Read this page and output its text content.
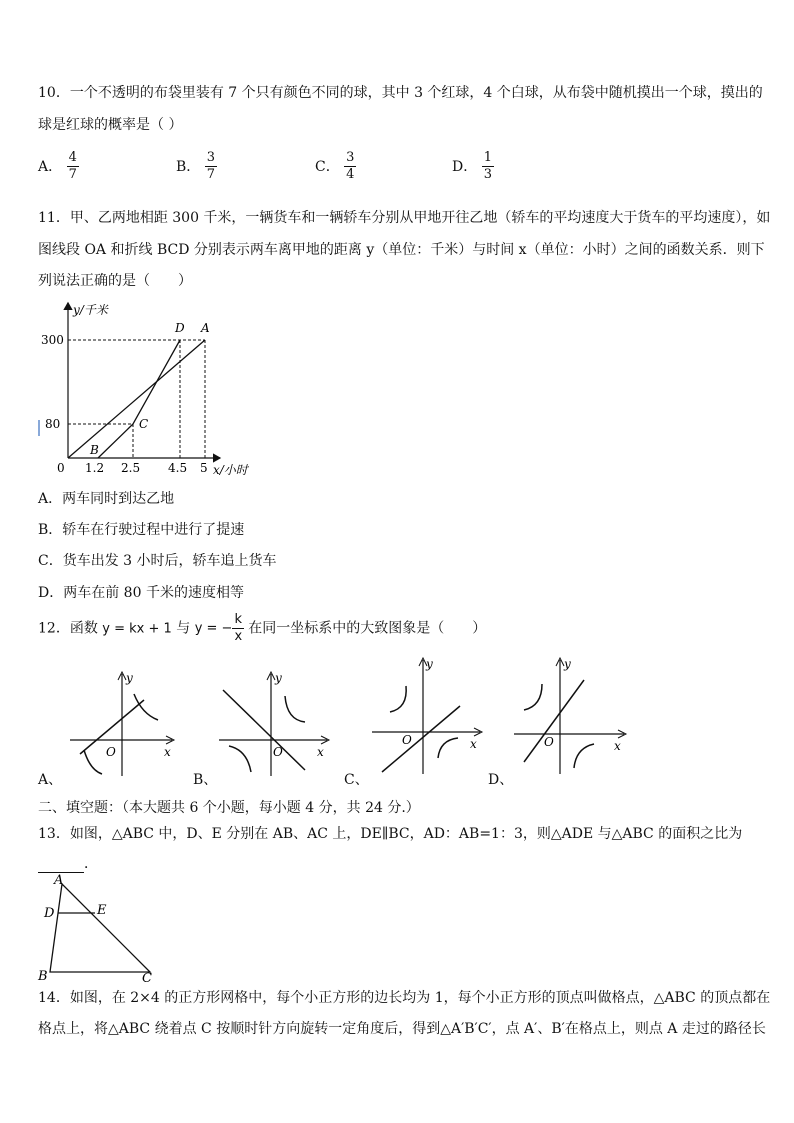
10．一个不透明的布袋里装有 7 个只有颜色不同的球，其中 3 个红球，4 个白球，从布袋中随机摸出一个球，摸出的
球是红球的概率是（ ）
A． $\frac{4}{7}$	B． $\frac{3}{7}$	C． $\frac{3}{4}$	D． $\frac{1}{3}$
11．甲、乙两地相距 300 千米，一辆货车和一辆轿车分别从甲地开往乙地（轿车的平均速度大于货车的平均速度），如
图线段 OA 和折线 BCD 分别表示两车离甲地的距离 y（单位：千米）与时间 x（单位：小时）之间的函数关系．则下
列说法正确的是（　　）
y/千米
x/小时
300
80
0 1.2 2.5 4.5 5
D A
C
B
A．两车同时到达乙地
B．轿车在行驶过程中进行了提速
C．货车出发 3 小时后，轿车追上货车
D．两车在前 80 千米的速度相等
12．函数 y = kx + 1 与 y = − $\frac{k}{x}$ 在同一坐标系中的大致图象是（　　）
y
x
O
A、
y
x
O
B、
y
x
O
C、
y
x
O
D、
二、填空题：（本大题共 6 个小题，每小题 4 分，共 24 分.）
13．如图，△ABC 中，D、E 分别在 AB、AC 上，DE∥BC，AD：AB=1：3，则△ADE 与△ABC 的面积之比为
．
A
D	E
B	C
14．如图，在 2×4 的正方形网格中，每个小正方形的边长均为 1，每个小正方形的顶点叫做格点，△ABC 的顶点都在
格点上，将△ABC 绕着点 C 按顺时针方向旋转一定角度后，得到△A′B′C′，点 A′、B′在格点上，则点 A 走过的路径长
